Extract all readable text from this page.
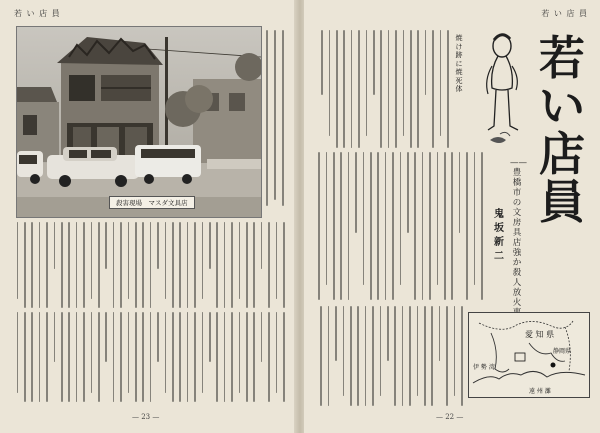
若 い 店 員
殺害現場　マスダ文具店
— 23 —
若 い 店 員
若い店員
—— 豊橋市の文房具店強か殺人放火
鬼 坂 新 二
焼け跡に焼死体
愛 知 県
静岡県
伊 勢 湾
遠 州 灘
— 22 —
